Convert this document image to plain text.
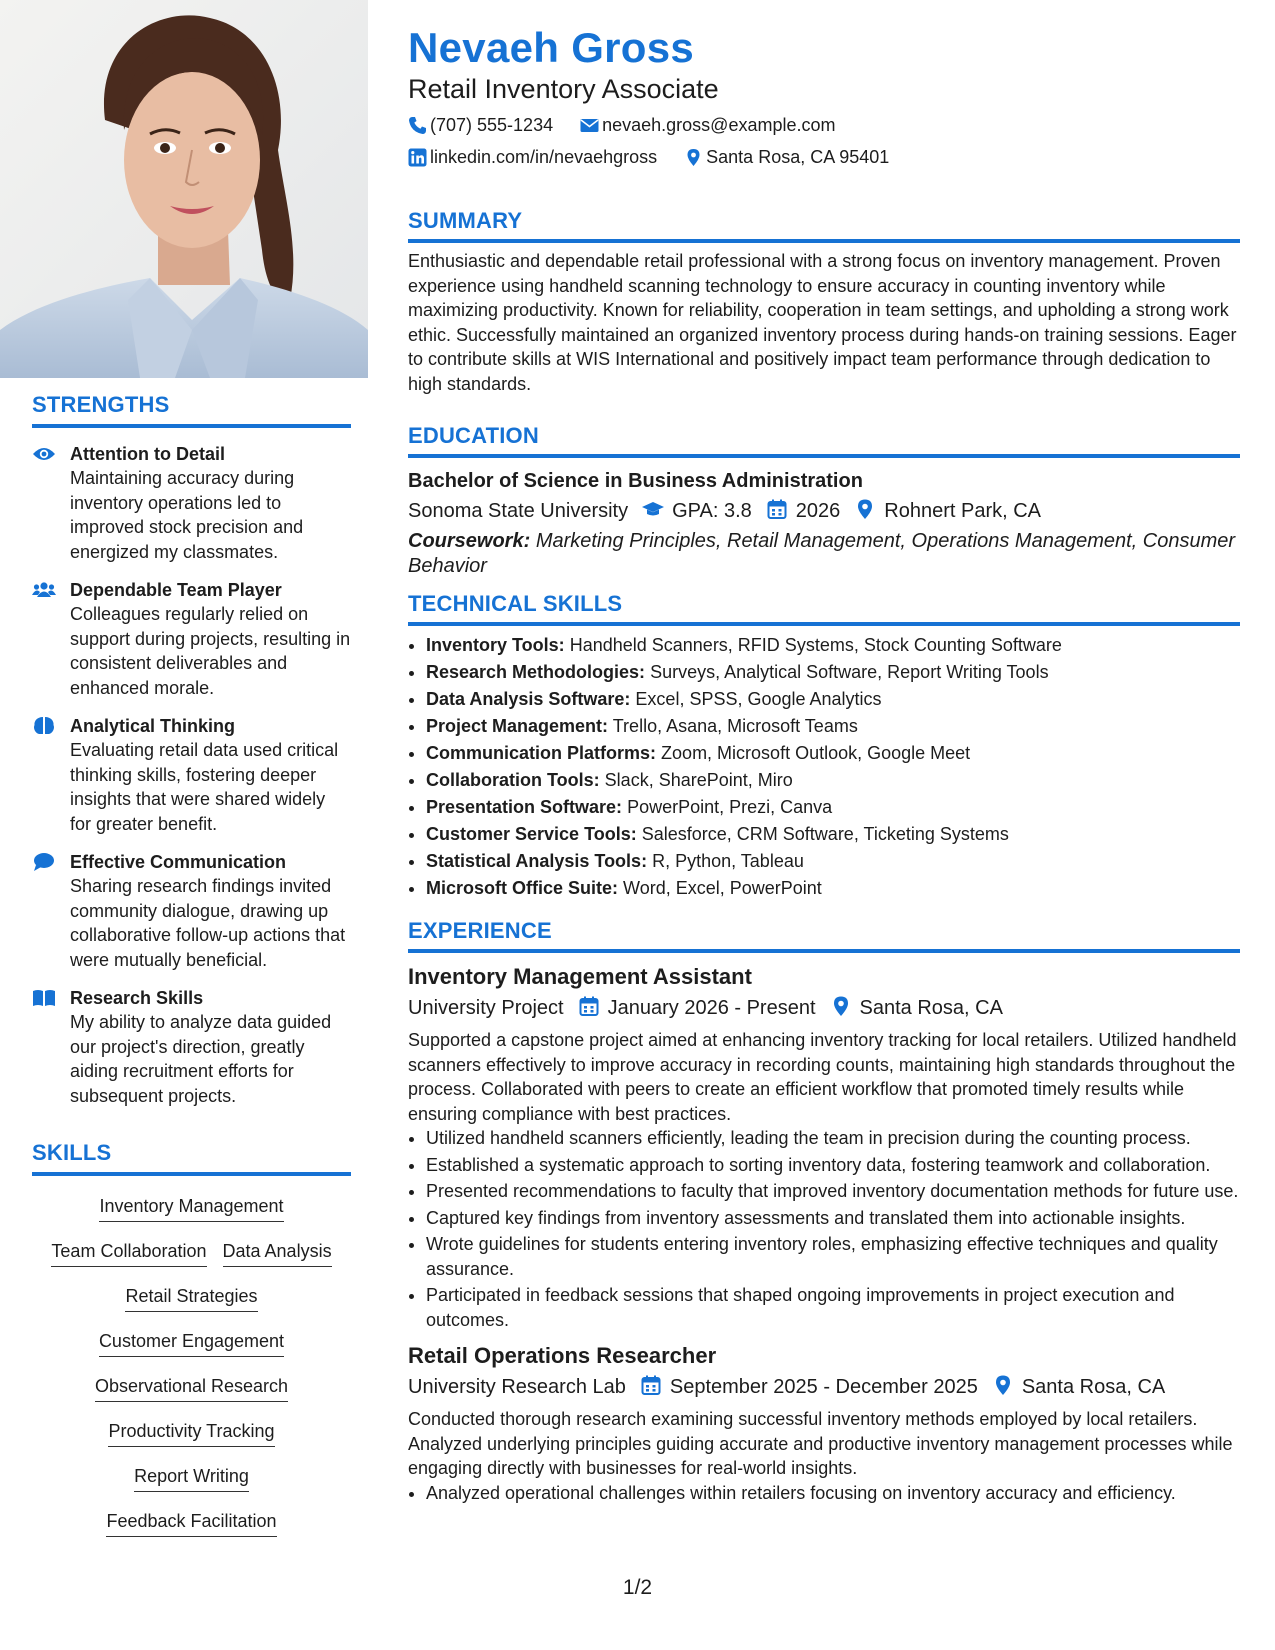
STRENGTHS
Attention to Detail
Maintaining accuracy during inventory operations led to improved stock precision and energized my classmates.
Dependable Team Player
Colleagues regularly relied on support during projects, resulting in consistent deliverables and enhanced morale.
Analytical Thinking
Evaluating retail data used critical thinking skills, fostering deeper insights that were shared widely for greater benefit.
Effective Communication
Sharing research findings invited community dialogue, drawing up collaborative follow-up actions that were mutually beneficial.
Research Skills
My ability to analyze data guided our project's direction, greatly aiding recruitment efforts for subsequent projects.
SKILLS
Inventory Management
Team Collaboration Data Analysis
Retail Strategies
Customer Engagement
Observational Research
Productivity Tracking
Report Writing
Feedback Facilitation
Nevaeh Gross
Retail Inventory Associate
(707) 555-1234	nevaeh.gross@example.com
linkedin.com/in/nevaehgross	Santa Rosa, CA 95401
SUMMARY
Enthusiastic and dependable retail professional with a strong focus on inventory management. Proven experience using handheld scanning technology to ensure accuracy in counting inventory while maximizing productivity. Known for reliability, cooperation in team settings, and upholding a strong work ethic. Successfully maintained an organized inventory process during hands-on training sessions. Eager to contribute skills at WIS International and positively impact team performance through dedication to high standards.
EDUCATION
Bachelor of Science in Business Administration
Sonoma State University GPA: 3.8 2026 Rohnert Park, CA
Coursework: Marketing Principles, Retail Management, Operations Management, Consumer Behavior
TECHNICAL SKILLS
• Inventory Tools: Handheld Scanners, RFID Systems, Stock Counting Software
• Research Methodologies: Surveys, Analytical Software, Report Writing Tools
• Data Analysis Software: Excel, SPSS, Google Analytics
• Project Management: Trello, Asana, Microsoft Teams
• Communication Platforms: Zoom, Microsoft Outlook, Google Meet
• Collaboration Tools: Slack, SharePoint, Miro
• Presentation Software: PowerPoint, Prezi, Canva
• Customer Service Tools: Salesforce, CRM Software, Ticketing Systems
• Statistical Analysis Tools: R, Python, Tableau
• Microsoft Office Suite: Word, Excel, PowerPoint
EXPERIENCE
Inventory Management Assistant
University Project January 2026 - Present Santa Rosa, CA
Supported a capstone project aimed at enhancing inventory tracking for local retailers. Utilized handheld scanners effectively to improve accuracy in recording counts, maintaining high standards throughout the process. Collaborated with peers to create an efficient workflow that promoted timely results while ensuring compliance with best practices.
• Utilized handheld scanners efficiently, leading the team in precision during the counting process.
• Established a systematic approach to sorting inventory data, fostering teamwork and collaboration.
• Presented recommendations to faculty that improved inventory documentation methods for future use.
• Captured key findings from inventory assessments and translated them into actionable insights.
• Wrote guidelines for students entering inventory roles, emphasizing effective techniques and quality assurance.
• Participated in feedback sessions that shaped ongoing improvements in project execution and outcomes.
Retail Operations Researcher
University Research Lab September 2025 - December 2025 Santa Rosa, CA
Conducted thorough research examining successful inventory methods employed by local retailers. Analyzed underlying principles guiding accurate and productive inventory management processes while engaging directly with businesses for real-world insights.
• Analyzed operational challenges within retailers focusing on inventory accuracy and efficiency.
1/2
